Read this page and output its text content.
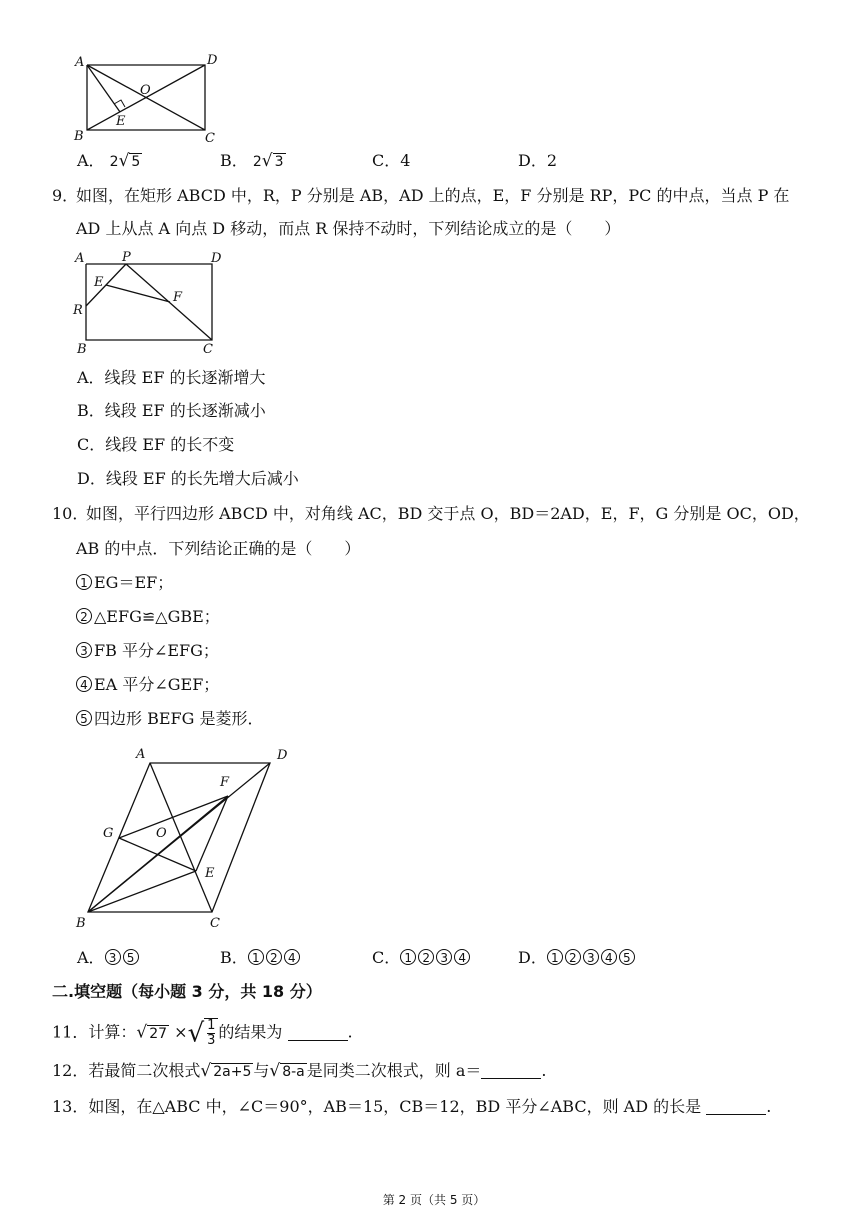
A	D
B	C
O
E
A． 2√ 5	B． 2√ 3	C．4	D．2
9．
如图，在矩形 ABCD 中，R，P 分别是 AB，AD 上的点，E，F 分别是 RP，PC 的中点，当点 P 在
AD 上从点 A 向点 D 移动，而点 R 保持不动时，下列结论成立的是（　　）
A	P	D
E
F
R
B	C
A．线段 EF 的长逐渐增大
B．线段 EF 的长逐渐减小
C．线段 EF 的长不变
D．线段 EF 的长先增大后减小
10．
如图，平行四边形 ABCD 中，对角线 AC，BD 交于点 O，BD＝2AD，E，F，G 分别是 OC，OD，
AB 的中点．下列结论正确的是（　　）
1 EG＝EF；
2 △EFG≌△GBE；
3 FB 平分∠EFG；
4 EA 平分∠GEF；
5 四边形 BEFG 是菱形．
A	D
F
G	O
E
B	C
A． 3 5	B． 1 2 4	C． 1 2 3 4	D． 1 2 3 4 5
二.填空题（每小题 3 分，共 18 分）
11．计算：√ 27 ×√ $\frac{1}{3}$ 的结果为	.
12．若最简二次根式√ 2a+5 与√ 8-a 是同类二次根式，则 a＝	.
13．如图，在△ABC 中，∠C＝90°，AB＝15，CB＝12，BD 平分∠ABC，则 AD 的长是	.
第 2 页（共 5 页）
